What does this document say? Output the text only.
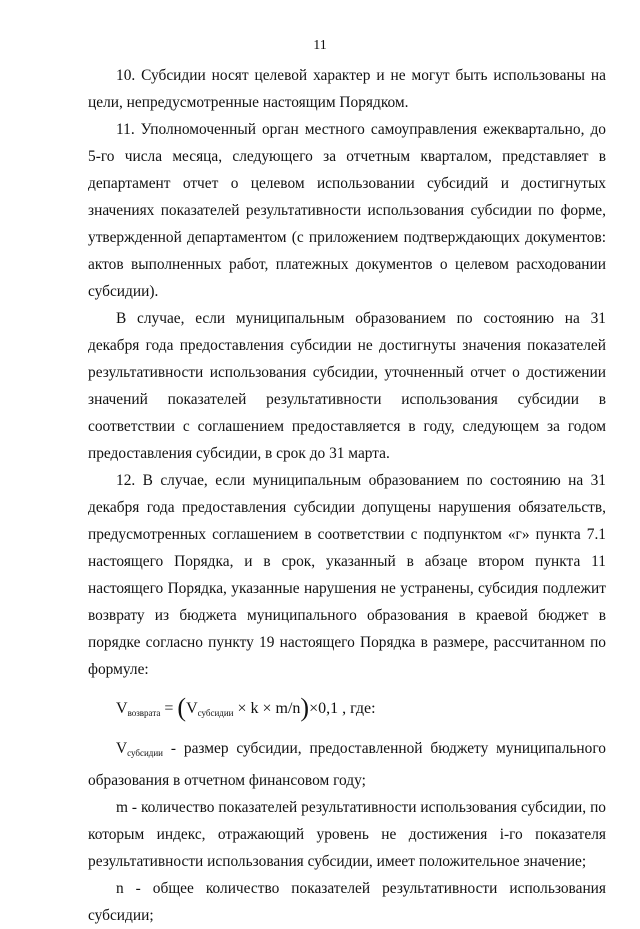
11

10. Субсидии носят целевой характер и не могут быть использованы на цели, непредусмотренные настоящим Порядком.

11. Уполномоченный орган местного самоуправления ежеквартально, до 5-го числа месяца, следующего за отчетным кварталом, представляет в департамент отчет о целевом использовании субсидий и достигнутых значениях показателей результативности использования субсидии по форме, утвержденной департаментом (с приложением подтверждающих документов: актов выполненных работ, платежных документов о целевом расходовании субсидии).

В случае, если муниципальным образованием по состоянию на 31 декабря года предоставления субсидии не достигнуты значения показателей результативности использования субсидии, уточненный отчет о достижении значений показателей результативности использования субсидии в соответствии с соглашением предоставляется в году, следующем за годом предоставления субсидии, в срок до 31 марта.

12. В случае, если муниципальным образованием по состоянию на 31 декабря года предоставления субсидии допущены нарушения обязательств, предусмотренных соглашением в соответствии с подпунктом «г» пункта 7.1 настоящего Порядка, и в срок, указанный в абзаце втором пункта 11 настоящего Порядка, указанные нарушения не устранены, субсидия подлежит возврату из бюджета муниципального образования в краевой бюджет в порядке согласно пункту 19 настоящего Порядка в размере, рассчитанном по формуле:

$V_{возврата} = (V_{субсидии} \times k \times m/n)\times 0,1$ , где:

Vсубсидии - размер субсидии, предоставленной бюджету муниципального образования в отчетном финансовом году;

m - количество показателей результативности использования субсидии, по которым индекс, отражающий уровень не достижения i-го показателя результативности использования субсидии, имеет положительное значение;

n - общее количество показателей результативности использования субсидии;
